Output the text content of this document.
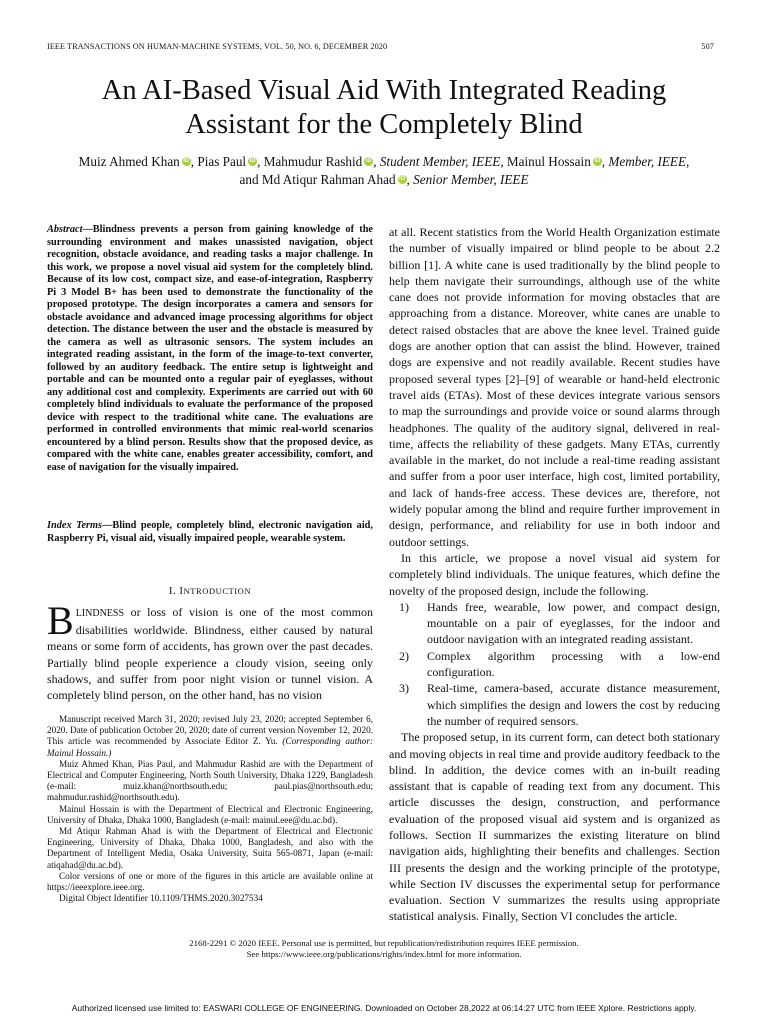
IEEE TRANSACTIONS ON HUMAN-MACHINE SYSTEMS, VOL. 50, NO. 6, DECEMBER 2020	507
An AI-Based Visual Aid With Integrated Reading
Assistant for the Completely Blind
Muiz Ahmed Khan iD , Pias Paul iD , Mahmudur Rashid iD , Student Member, IEEE, Mainul Hossain iD , Member, IEEE,
and Md Atiqur Rahman Ahad iD , Senior Member, IEEE
Abstract—Blindness prevents a person from gaining knowledge of the surrounding environment and makes unassisted navigation, object recognition, obstacle avoidance, and reading tasks a major challenge. In this work, we propose a novel visual aid system for the completely blind. Because of its low cost, compact size, and ease-of-integration, Raspberry Pi 3 Model B+ has been used to demonstrate the functionality of the proposed prototype. The design incorporates a camera and sensors for obstacle avoidance and advanced image processing algorithms for object detection. The distance between the user and the obstacle is measured by the camera as well as ultrasonic sensors. The system includes an integrated reading assistant, in the form of the image-to-text converter, followed by an auditory feedback. The entire setup is lightweight and portable and can be mounted onto a regular pair of eyeglasses, without any additional cost and complexity. Experiments are carried out with 60 completely blind individuals to evaluate the performance of the proposed device with respect to the traditional white cane. The evaluations are performed in controlled environments that mimic real-world scenarios encountered by a blind person. Results show that the proposed device, as compared with the white cane, enables greater accessibility, comfort, and ease of navigation for the visually impaired.
Index Terms—Blind people, completely blind, electronic navigation aid, Raspberry Pi, visual aid, visually impaired people, wearable system.
I. INTRODUCTION
BLINDNESS or loss of vision is one of the most common disabilities worldwide. Blindness, either caused by natural means or some form of accidents, has grown over the past decades. Partially blind people experience a cloudy vision, seeing only shadows, and suffer from poor night vision or tunnel vision. A completely blind person, on the other hand, has no vision

Manuscript received March 31, 2020; revised July 23, 2020; accepted September 6, 2020. Date of publication October 20, 2020; date of current version November 12, 2020. This article was recommended by Associate Editor Z. Yu. (Corresponding author: Mainul Hossain.)

Muiz Ahmed Khan, Pias Paul, and Mahmudur Rashid are with the Department of Electrical and Computer Engineering, North South University, Dhaka 1229, Bangladesh (e-mail: muiz.khan@northsouth.edu; paul.pias@northsouth.edu; mahmudur.rashid@northsouth.edu).

Mainul Hossain is with the Department of Electrical and Electronic Engineering, University of Dhaka, Dhaka 1000, Bangladesh (e-mail: mainul.eee@du.ac.bd).

Md Atiqur Rahman Ahad is with the Department of Electrical and Electronic Engineering, University of Dhaka, Dhaka 1000, Bangladesh, and also with the Department of Intelligent Media, Osaka University, Suita 565-0871, Japan (e-mail: atiqahad@du.ac.bd).

Color versions of one or more of the figures in this article are available online at https://ieeexplore.ieee.org.

Digital Object Identifier 10.1109/THMS.2020.3027534

at all. Recent statistics from the World Health Organization estimate the number of visually impaired or blind people to be about 2.2 billion [1]. A white cane is used traditionally by the blind people to help them navigate their surroundings, although use of the white cane does not provide information for moving obstacles that are approaching from a distance. Moreover, white canes are unable to detect raised obstacles that are above the knee level. Trained guide dogs are another option that can assist the blind. However, trained dogs are expensive and not readily available. Recent studies have proposed several types [2]–[9] of wearable or hand-held electronic travel aids (ETAs). Most of these devices integrate various sensors to map the surroundings and provide voice or sound alarms through headphones. The quality of the auditory signal, delivered in real-time, affects the reliability of these gadgets. Many ETAs, currently available in the market, do not include a real-time reading assistant and suffer from a poor user interface, high cost, limited portability, and lack of hands-free access. These devices are, therefore, not widely popular among the blind and require further improvement in design, performance, and reliability for use in both indoor and outdoor settings.

In this article, we propose a novel visual aid system for completely blind individuals. The unique features, which define the novelty of the proposed design, include the following.

1) Hands free, wearable, low power, and compact design, mountable on a pair of eyeglasses, for the indoor and outdoor navigation with an integrated reading assistant.
2) Complex algorithm processing with a low-end configuration.
3) Real-time, camera-based, accurate distance measurement, which simplifies the design and lowers the cost by reducing the number of required sensors.

The proposed setup, in its current form, can detect both stationary and moving objects in real time and provide auditory feedback to the blind. In addition, the device comes with an in-built reading assistant that is capable of reading text from any document. This article discusses the design, construction, and performance evaluation of the proposed visual aid system and is organized as follows. Section II summarizes the existing literature on blind navigation aids, highlighting their benefits and challenges. Section III presents the design and the working principle of the prototype, while Section IV discusses the experimental setup for performance evaluation. Section V summarizes the results using appropriate statistical analysis. Finally, Section VI concludes the article.

2168-2291 © 2020 IEEE. Personal use is permitted, but republication/redistribution requires IEEE permission.
See https://www.ieee.org/publications/rights/index.html for more information.
Authorized licensed use limited to: EASWARI COLLEGE OF ENGINEERING. Downloaded on October 28,2022 at 06:14:27 UTC from IEEE Xplore. Restrictions apply.
